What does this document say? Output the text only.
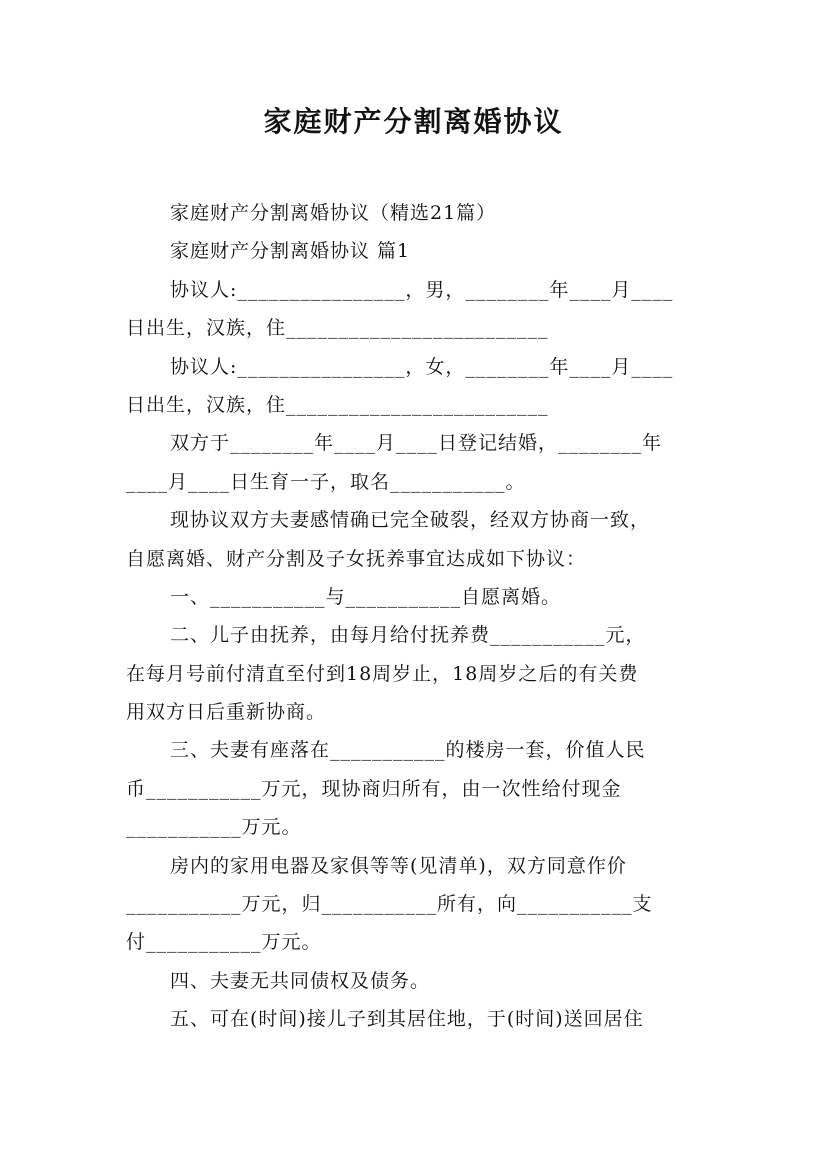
家庭财产分割离婚协议
家庭财产分割离婚协议（精选21篇）
家庭财产分割离婚协议 篇1
协议人:________________，男，________年____月____
日出生，汉族，住_________________________
协议人:________________，女，________年____月____
日出生，汉族，住_________________________
双方于________年____月____日登记结婚，________年
____月____日生育一子，取名___________。
现协议双方夫妻感情确已完全破裂，经双方协商一致，
自愿离婚、财产分割及子女抚养事宜达成如下协议：
一、___________与___________自愿离婚。
二、儿子由抚养，由每月给付抚养费___________元，
在每月号前付清直至付到18周岁止，18周岁之后的有关费
用双方日后重新协商。
三、夫妻有座落在___________的楼房一套，价值人民
币___________万元，现协商归所有，由一次性给付现金
___________万元。
房内的家用电器及家俱等等(见清单)，双方同意作价
___________万元，归___________所有，向___________支
付___________万元。
四、夫妻无共同债权及债务。
五、可在(时间)接儿子到其居住地，于(时间)送回居住
